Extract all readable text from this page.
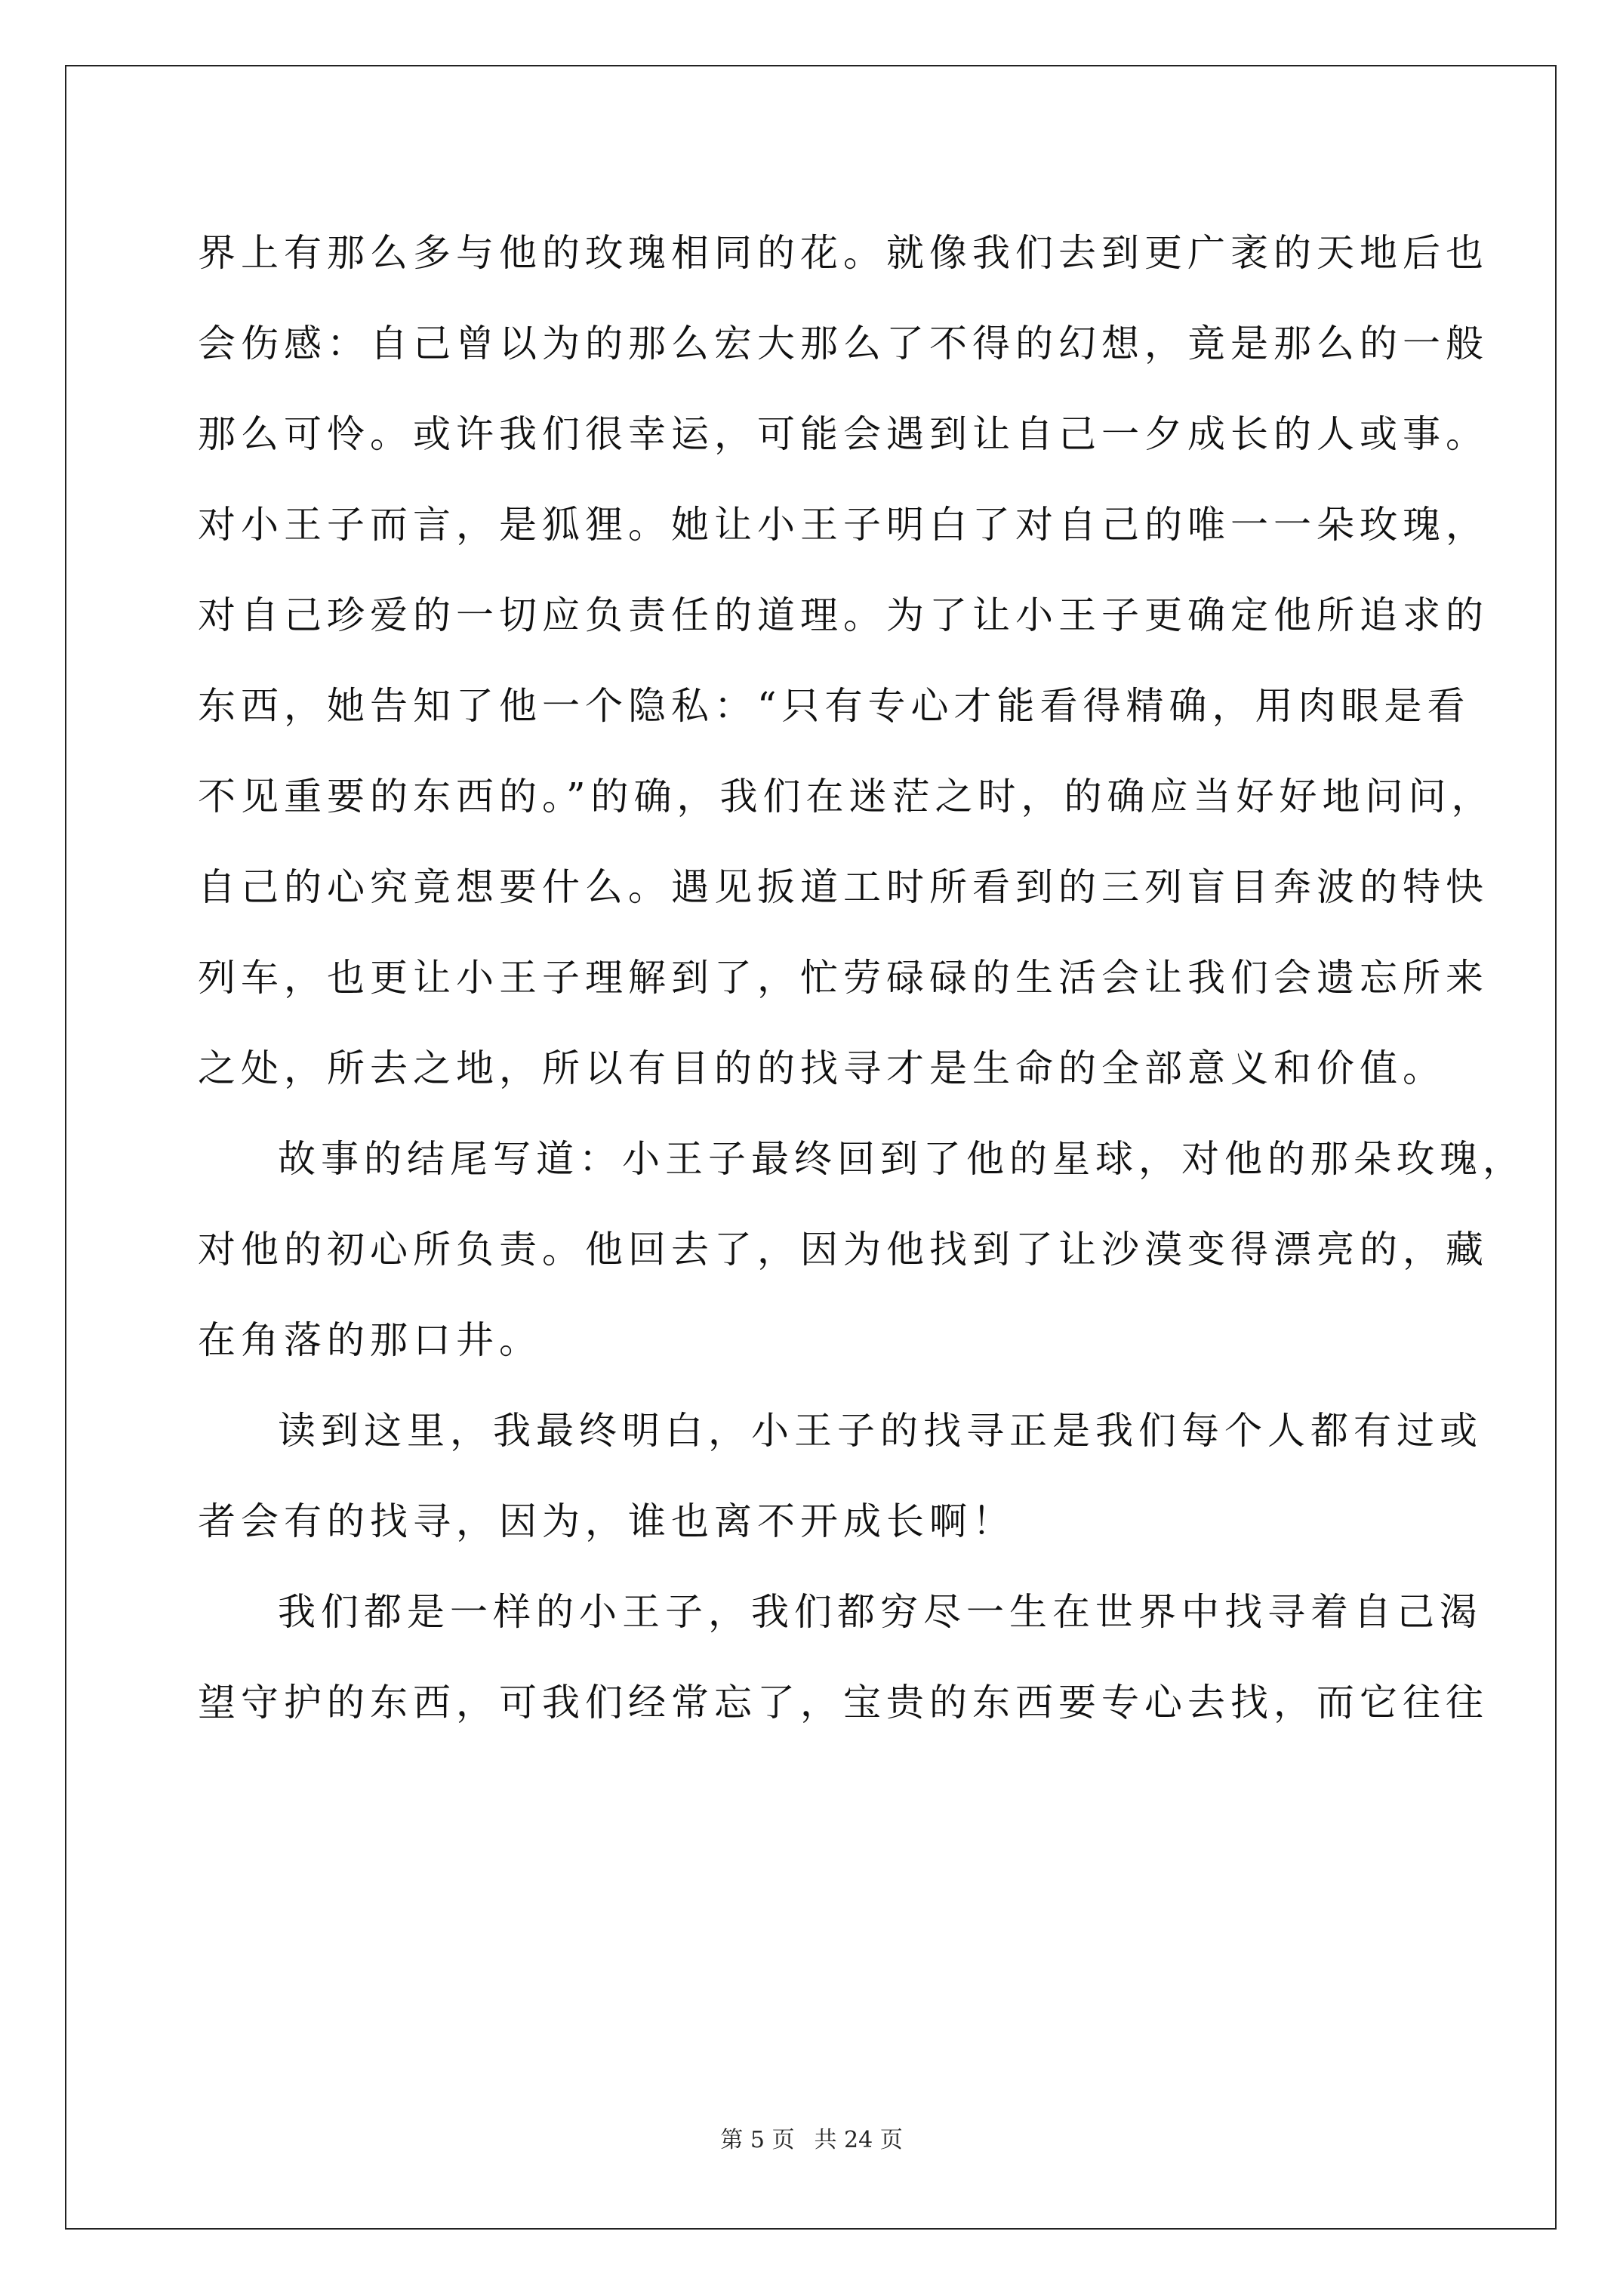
界上有那么多与他的玫瑰相同的花。就像我们去到更广袤的天地后也
会伤感：自己曾以为的那么宏大那么了不得的幻想，竟是那么的一般
那么可怜。或许我们很幸运，可能会遇到让自己一夕成长的人或事。
对小王子而言，是狐狸。她让小王子明白了对自己的唯一一朵玫瑰，
对自己珍爱的一切应负责任的道理。为了让小王子更确定他所追求的
东西，她告知了他一个隐私：“只有专心才能看得精确，用肉眼是看
不见重要的东西的。”的确，我们在迷茫之时，的确应当好好地问问，
自己的心究竟想要什么。遇见扳道工时所看到的三列盲目奔波的特快
列车，也更让小王子理解到了，忙劳碌碌的生活会让我们会遗忘所来
之处，所去之地，所以有目的的找寻才是生命的全部意义和价值。
故事的结尾写道：小王子最终回到了他的星球，对他的那朵玫瑰，
对他的初心所负责。他回去了，因为他找到了让沙漠变得漂亮的，藏
在角落的那口井。
读到这里，我最终明白，小王子的找寻正是我们每个人都有过或
者会有的找寻，因为，谁也离不开成长啊！
我们都是一样的小王子，我们都穷尽一生在世界中找寻着自己渴
望守护的东西，可我们经常忘了，宝贵的东西要专心去找，而它往往
第 5 页 共 24 页
